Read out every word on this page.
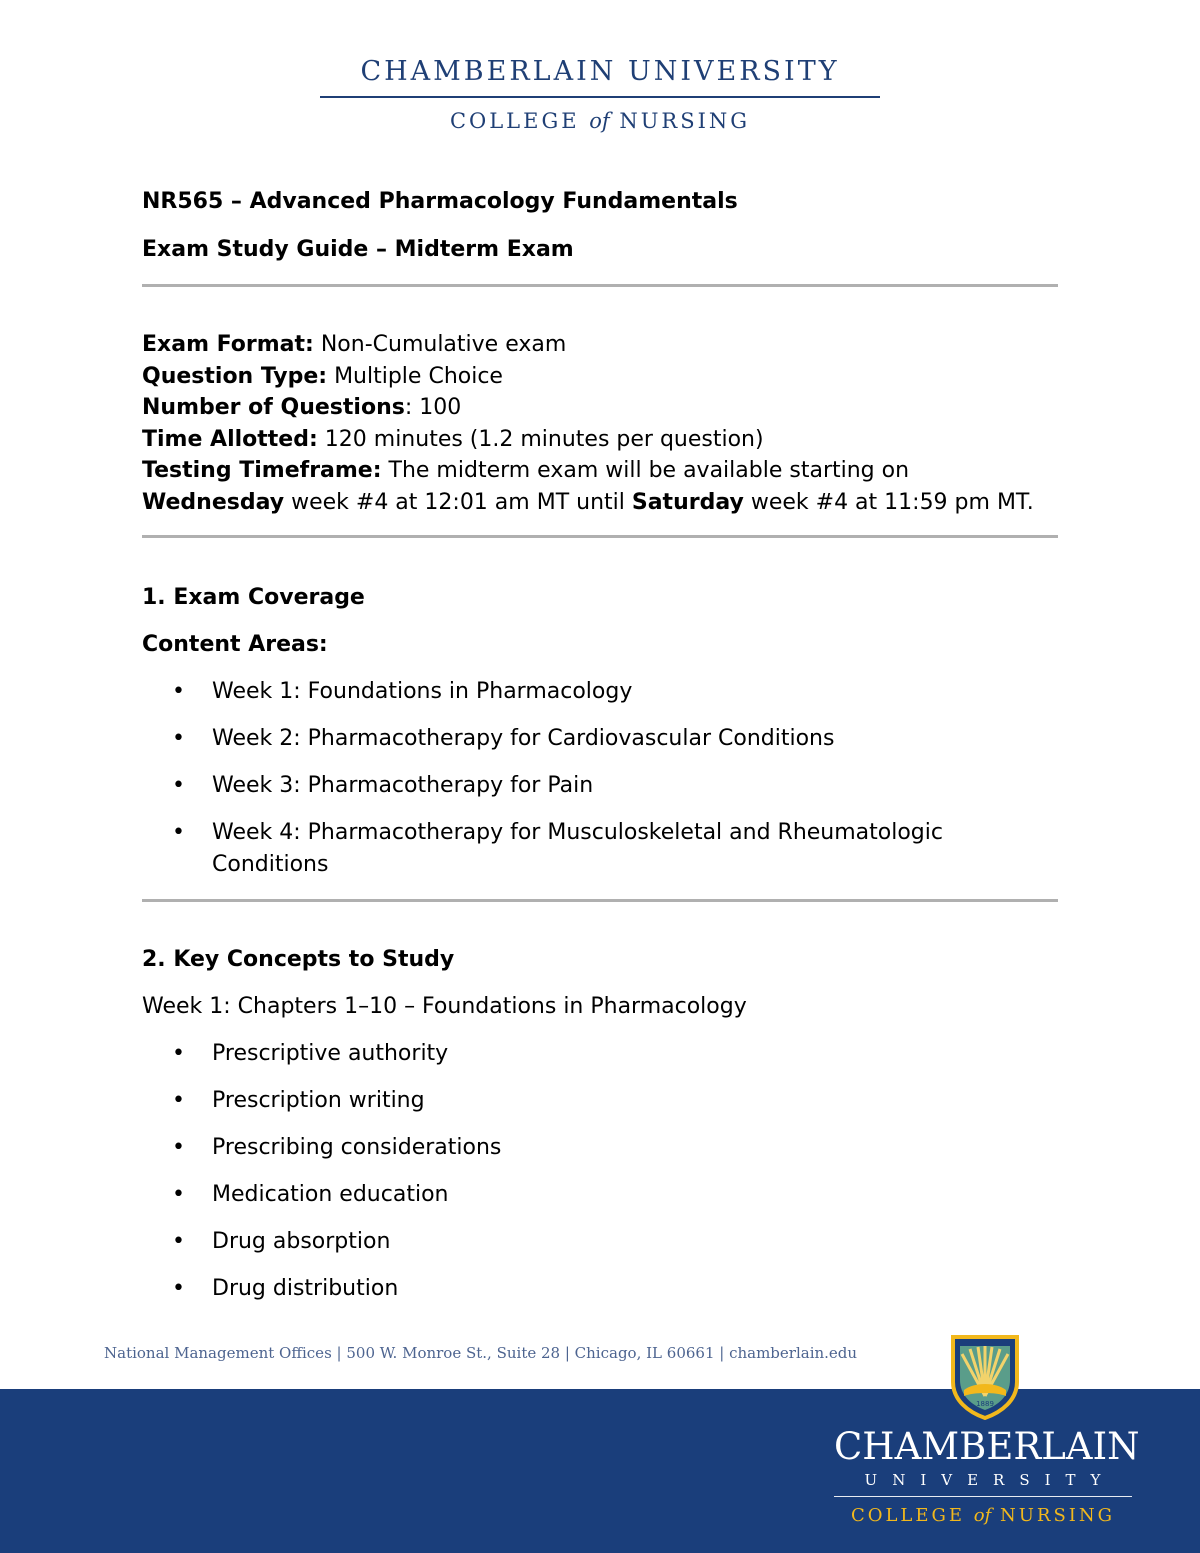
CHAMBERLAIN UNIVERSITY
COLLEGE of NURSING

NR565 – Advanced Pharmacology Fundamentals

Exam Study Guide – Midterm Exam

Exam Format: Non-Cumulative exam

Question Type: Multiple Choice

Number of Questions: 100

Time Allotted: 120 minutes (1.2 minutes per question)

Testing Timeframe: The midterm exam will be available starting on
Wednesday week #4 at 12:01 am MT until Saturday week #4 at 11:59 pm MT.

1. Exam Coverage

Content Areas:

• Week 1: Foundations in Pharmacology
• Week 2: Pharmacotherapy for Cardiovascular Conditions
• Week 3: Pharmacotherapy for Pain
• Week 4: Pharmacotherapy for Musculoskeletal and Rheumatologic Conditions

2. Key Concepts to Study

Week 1: Chapters 1–10 – Foundations in Pharmacology

• Prescriptive authority
• Prescription writing
• Prescribing considerations
• Medication education
• Drug absorption
• Drug distribution
National Management Offices | 500 W. Monroe St., Suite 28 | Chicago, IL 60661 | chamberlain.edu
1889
CHAMBERLAIN
UNIVERSITY
COLLEGE of NURSING
